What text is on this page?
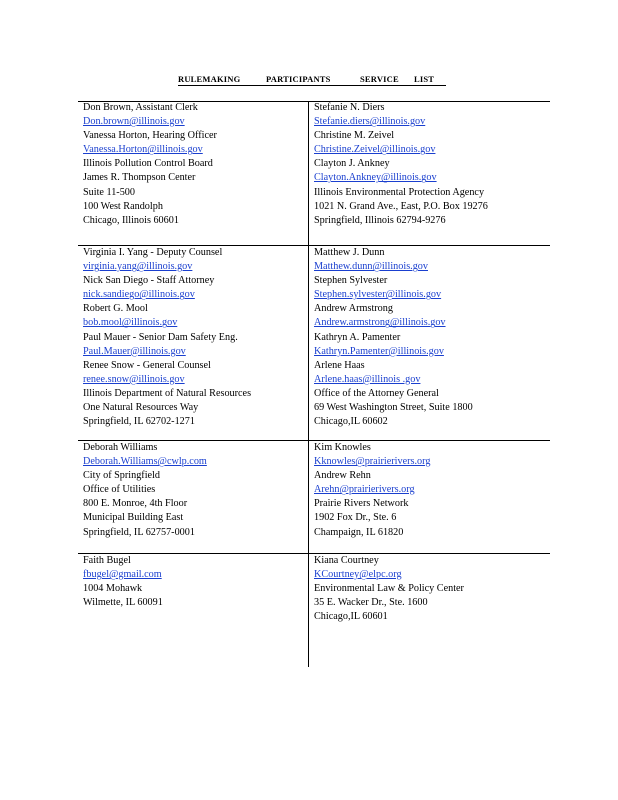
RULEMAKING	PARTICIPANTS	SERVICE LIST
Don Brown, Assistant Clerk
Don.brown@illinois.gov
Vanessa Horton, Hearing Officer
Vanessa.Horton@illinois.gov
Illinois Pollution Control Board
James R. Thompson Center
Suite 11-500
100 West Randolph
Chicago, Illinois 60601
Stefanie N. Diers
Stefanie.diers@illinois.gov
Christine M. Zeivel
Christine.Zeivel@illinois.gov
Clayton J. Ankney
Clayton.Ankney@illinois.gov
Illinois Environmental Protection Agency
1021 N. Grand Ave., East, P.O. Box 19276
Springfield, Illinois 62794-9276
Virginia I. Yang - Deputy Counsel
virginia.yang@illinois.gov
Nick San Diego - Staff Attorney
nick.sandiego@illinois.gov
Robert G. Mool
bob.mool@illinois.gov
Paul Mauer - Senior Dam Safety Eng.
Paul.Mauer@illinois.gov
Renee Snow - General Counsel
renee.snow@illinois.gov
Illinois Department of Natural Resources
One Natural Resources Way
Springfield, IL 62702-1271
Matthew J. Dunn
Matthew.dunn@illinois.gov
Stephen Sylvester
Stephen.sylvester@illinois.gov
Andrew Armstrong
Andrew.armstrong@illinois.gov
Kathryn A. Pamenter
Kathryn.Pamenter@illinois.gov
Arlene Haas
Arlene.haas@illinois .gov
Office of the Attorney General
69 West Washington Street, Suite 1800
Chicago,IL 60602
Deborah Williams
Deborah.Williams@cwlp.com
City of Springfield
Office of Utilities
800 E. Monroe, 4th Floor
Municipal Building East
Springfield, IL 62757-0001
Kim Knowles
Kknowles@prairierivers.org
Andrew Rehn
Arehn@prairierivers.org
Prairie Rivers Network
1902 Fox Dr., Ste. 6
Champaign, IL 61820
Faith Bugel
fbugel@gmail.com
1004 Mohawk
Wilmette, IL 60091
Kiana Courtney
KCourtney@elpc.org
Environmental Law & Policy Center
35 E. Wacker Dr., Ste. 1600
Chicago,IL 60601
